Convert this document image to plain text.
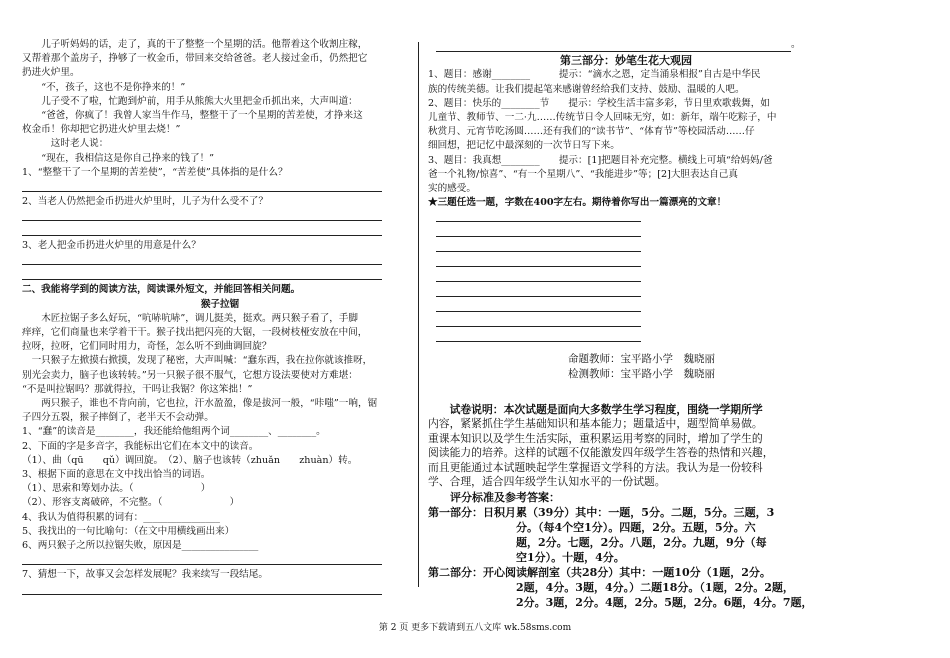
儿子听妈妈的话，走了，真的干了整整一个星期的活。他帮着这个收割庄稼，

又帮着那个盖房子，挣够了一枚金币，带回来交给爸爸。老人接过金币，仍然把它

扔进火炉里。

“不，孩子，这也不是你挣来的！”

儿子受不了啦，忙跑到炉前，用手从熊熊大火里把金币抓出来，大声叫道：

“爸爸，你疯了！我曾人家当牛作马，整整干了一个星期的苦差使，才挣来这

枚金币！你却把它扔进火炉里去烧！”

这时老人说：

“现在，我相信这是你自己挣来的钱了！”

1、“整整干了一个星期的苦差使”，“苦差使”具体指的是什么？

2、当老人仍然把金币扔进火炉里时，儿子为什么受不了？

3、老人把金币扔进火炉里的用意是什么？

二、我能将学到的阅读方法，阅读课外短文，并能回答相关问题。

猴子拉锯

木匠拉锯子多么好玩，“吭哧吭哧”，调儿挺美，挺欢。两只猴子看了，手脚

痒痒，它们商量也来学着干干。猴子找出把闪亮的大锯，一段树枝桠安放在中间，

拉呀，拉呀，它们同时用力，奇怪，怎么听不到曲调回旋？

一只猴子左掀摸右掀摸，发现了秘密，大声叫喊：“蠢东西，我在拉你就该推呀，

别光会卖力，脑子也该转转。”另一只猴子很不服气，它想方设法要使对方难堪：

“不是叫拉锯吗？那就得拉，干吗让我锯？你这笨拙！”

两只猴子，谁也不肯向前，它也拉，汗水盈盈，像是拔河一般，“咔嗤”一响，锯

子四分五裂，猴子摔倒了，老半天不会动弹。

1、“蠢”的读音是________，我还能给他组两个词________、________。

2、下面的字是多音字，我能标出它们在本文中的读音。

（1）、曲（qū　　qǔ）调回旋。　（2）、脑子也该转（zhuǎn　　zhuàn）转。

3、根据下面的意思在文中找出恰当的词语。

（1）、思索和筹划办法。（　　　　　　　）

（2）、形容支离破碎，不完整。（　　　　　　　）

4、我认为值得积累的词有：________________

5、我找出的一句比喻句：（在文中用横线画出来）

6、两只猴子之所以拉锯失败，原因是________________

7、猜想一下，故事又会怎样发展呢？我来续写一段结尾。

。

第三部分：妙笔生花大观园

1、题目：感谢________　　　提示：“滴水之恩，定当涌泉相报”自古是中华民

族的传统美德。让我们提起笔来感谢曾经给我们支持、鼓励、温暖的人吧。

2、题目：快乐的________节　　提示：学校生活丰富多彩，节日里欢歌载舞，如

儿童节、教师节、一二·九……传统节日令人回味无穷，如：新年，端午吃粽子，中

秋赏月、元宵节吃汤圆……还有我们的“读书节”、“体育节”等校园活动……仔

细回想，把记忆中最深刻的一次节日写下来。

3、题目：我真想________　　提示：[1]把题目补充完整。横线上可填“给妈妈/爸

爸一个礼物/惊喜”、“有一个星期八”、“我能进步”等；[2]大胆表达自己真

实的感受。

★三题任选一题，字数在400字左右。期待着你写出一篇漂亮的文章！

命题教师：宝平路小学　魏晓丽

检测教师：宝平路小学　魏晓丽

试卷说明：本次试题是面向大多数学生学习程度，围绕一学期所学

内容，紧紧抓住学生基础知识和基本能力；题量适中，题型简单易做。

重课本知识以及学生生活实际，重积累运用考察的同时，增加了学生的

阅读能力的培养。这样的试题不仅能激发四年级学生答卷的热情和兴趣，

而且更能通过本试题映起学生掌握语文学科的方法。我认为是一份较科

学、合理，适合四年级学生认知水平的一份试题。

评分标准及参考答案：

第一部分：日积月累（39分）其中：一题，5分。二题，5分。三题，3

分。（每4个空1分）。四题，2分。五题，5分。六

题，2分。七题，2分。八题，2分。九题，9分（每

空1分）。十题，4分。

第二部分：开心阅读解剖室（共28分）其中：一题10分（1题，2分。

2题，4分。3题，4分。）二题18分。（1题，2分。2题，

2分。3题，2分。4题，2分。5题，2分。6题，4分。7题，

第 2 页 更多下载请到五八文库 wk.58sms.com
